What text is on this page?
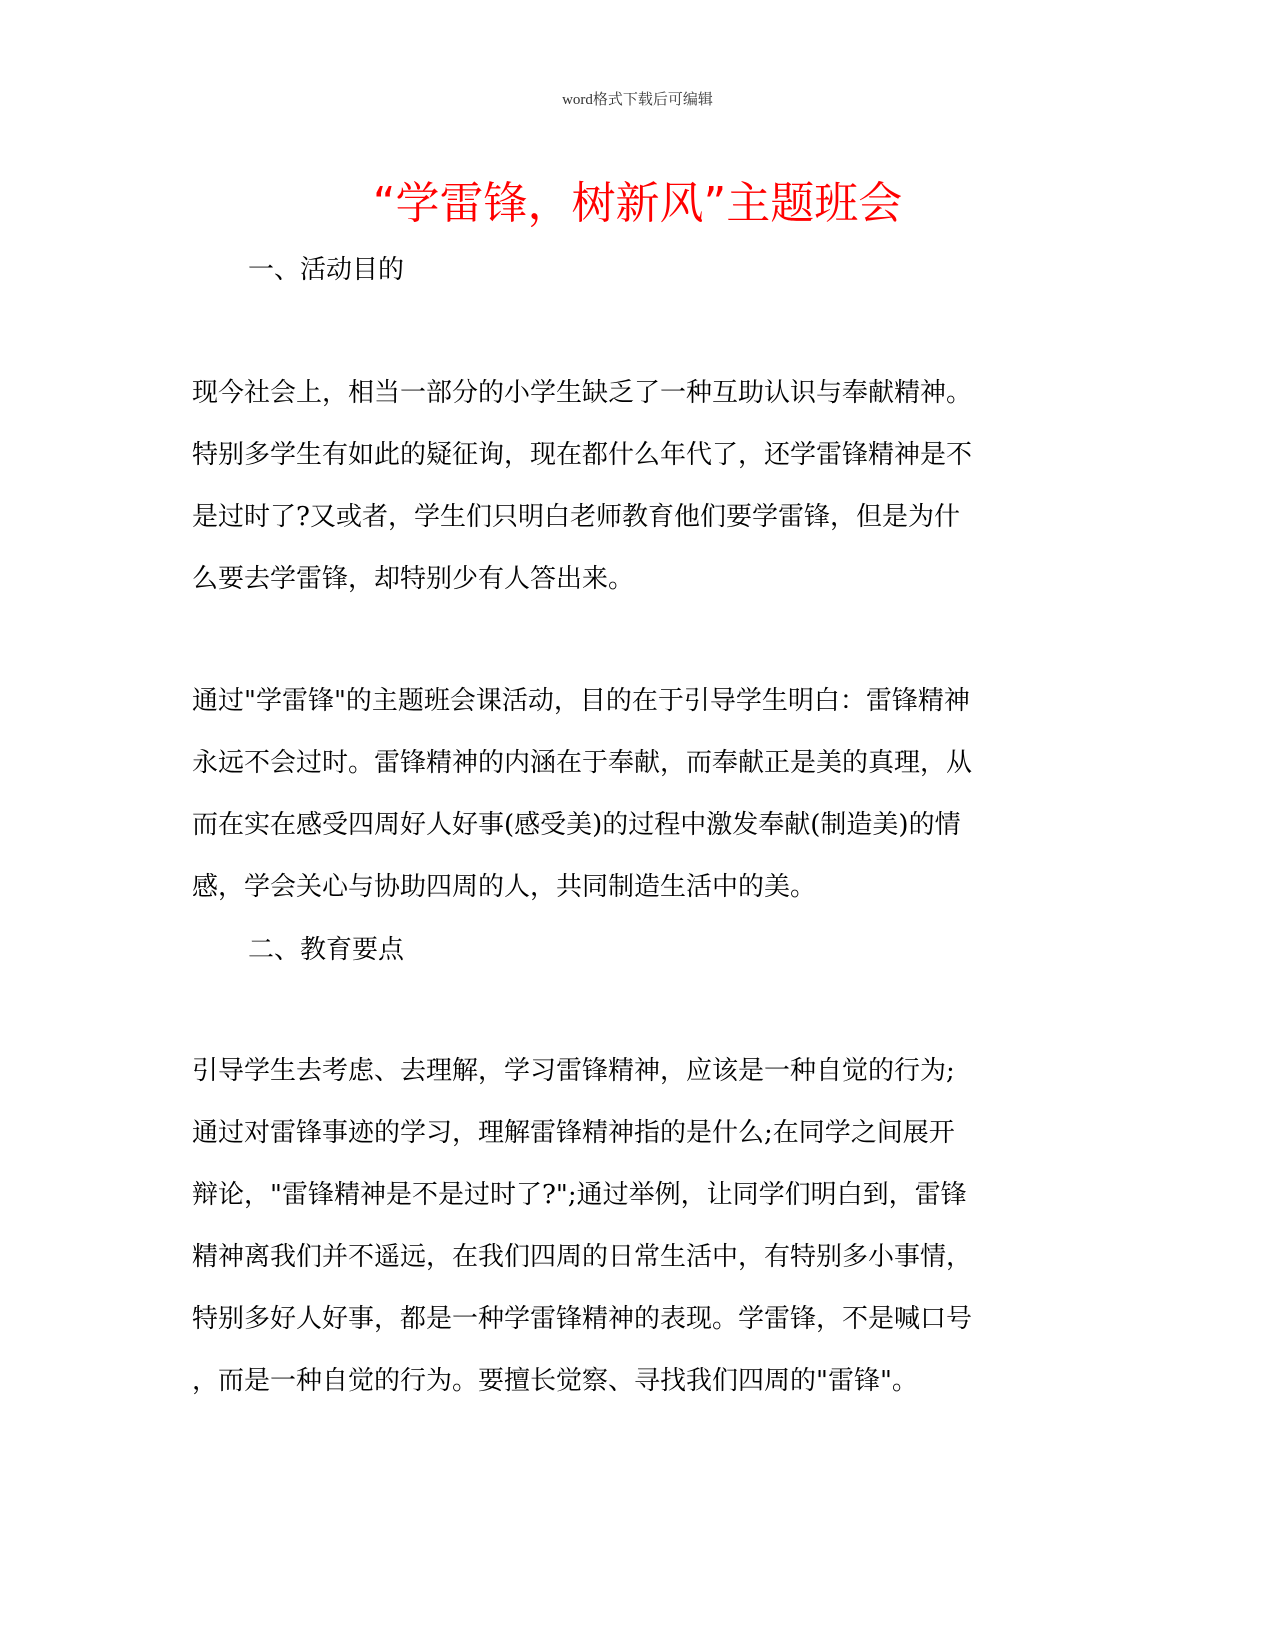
word格式下载后可编辑
“学雷锋，树新风”主题班会
一、活动目的
现今社会上，相当一部分的小学生缺乏了一种互助认识与奉献精神。
特别多学生有如此的疑征询，现在都什么年代了，还学雷锋精神是不
是过时了?又或者，学生们只明白老师教育他们要学雷锋，但是为什
么要去学雷锋，却特别少有人答出来。
通过"学雷锋"的主题班会课活动，目的在于引导学生明白：雷锋精神
永远不会过时。雷锋精神的内涵在于奉献，而奉献正是美的真理，从
而在实在感受四周好人好事(感受美)的过程中激发奉献(制造美)的情
感，学会关心与协助四周的人，共同制造生活中的美。
二、教育要点
引导学生去考虑、去理解，学习雷锋精神，应该是一种自觉的行为;
通过对雷锋事迹的学习，理解雷锋精神指的是什么;在同学之间展开
辩论，"雷锋精神是不是过时了?";通过举例，让同学们明白到，雷锋
精神离我们并不遥远，在我们四周的日常生活中，有特别多小事情，
特别多好人好事，都是一种学雷锋精神的表现。学雷锋，不是喊口号
，而是一种自觉的行为。要擅长觉察、寻找我们四周的"雷锋"。
